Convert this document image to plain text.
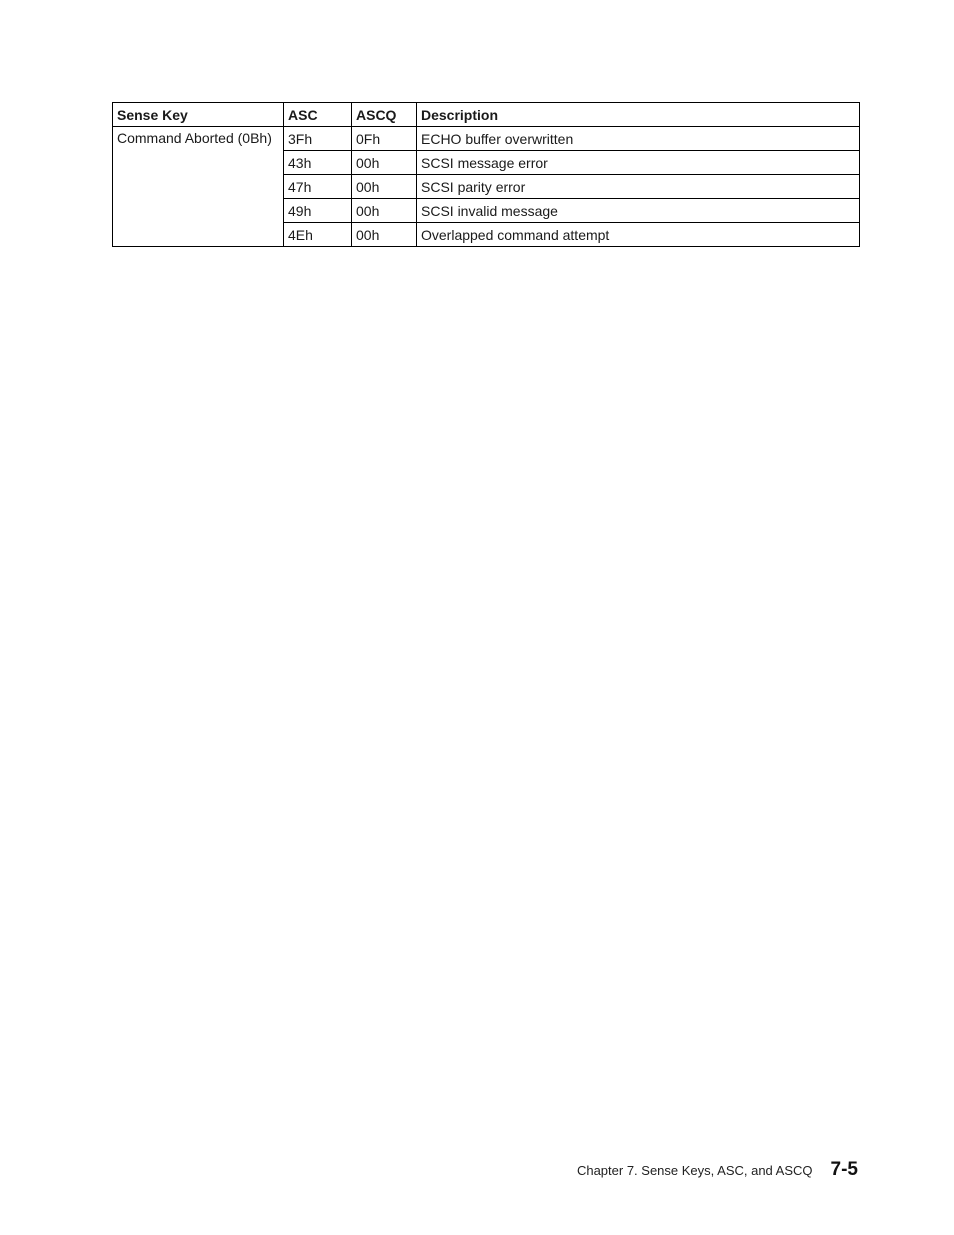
Sense Key	ASC	ASCQ	Description
Command Aborted (0Bh)	3Fh	0Fh	ECHO buffer overwritten
	43h	00h	SCSI message error
	47h	00h	SCSI parity error
	49h	00h	SCSI invalid message
	4Eh	00h	Overlapped command attempt
Chapter 7. Sense Keys, ASC, and ASCQ 7-5
